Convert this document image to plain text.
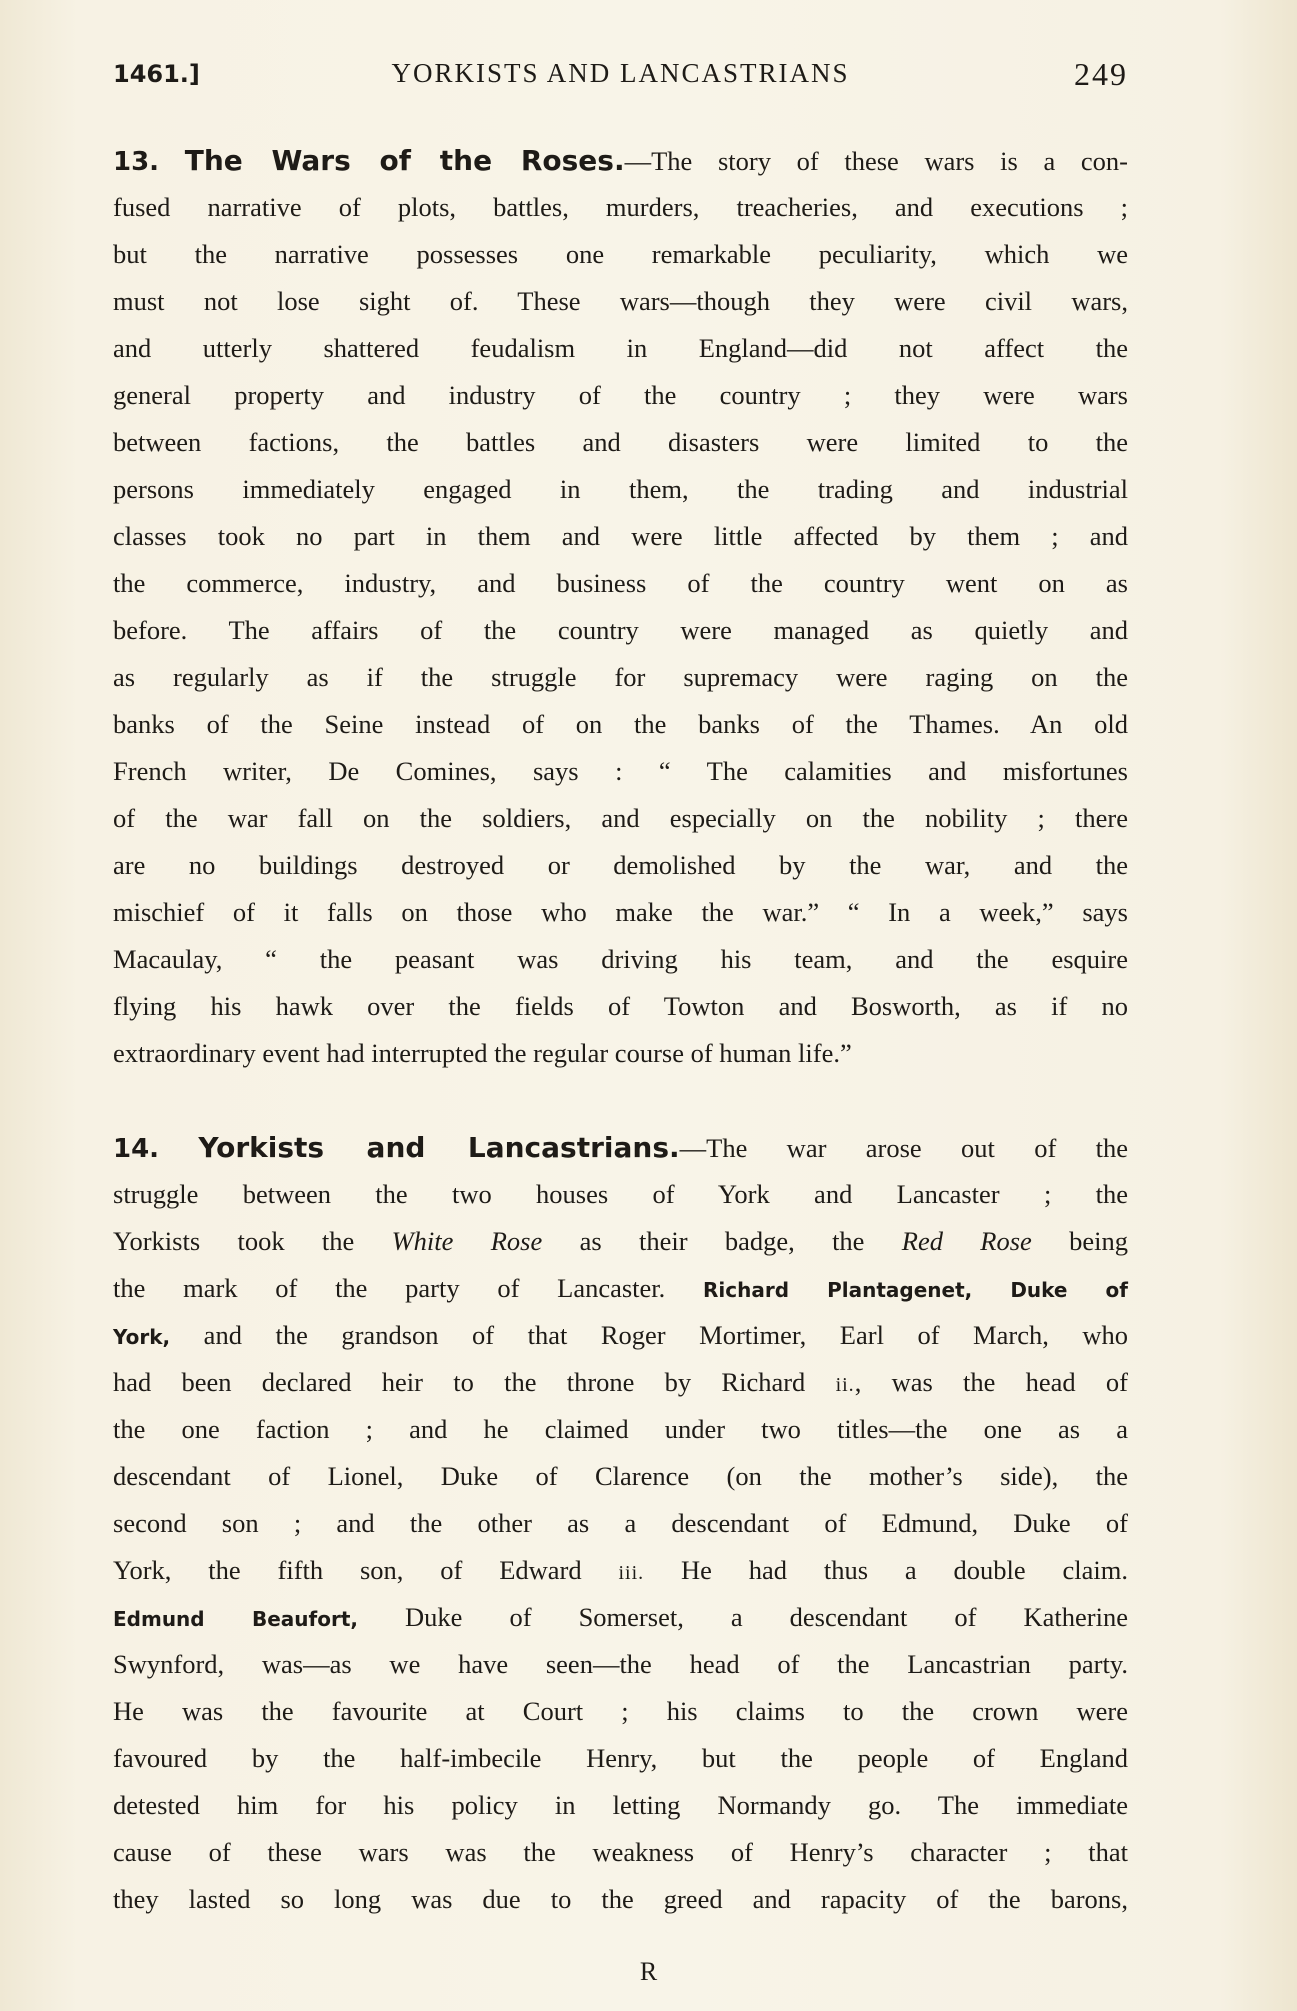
1461.]	YORKISTS AND LANCASTRIANS	249
13. The Wars of the Roses.—The story of these wars is a con-
fused narrative of plots, battles, murders, treacheries, and executions ;
but the narrative possesses one remarkable peculiarity, which we
must not lose sight of. These wars—though they were civil wars,
and utterly shattered feudalism in England—did not affect the
general property and industry of the country ; they were wars
between factions, the battles and disasters were limited to the
persons immediately engaged in them, the trading and industrial
classes took no part in them and were little affected by them ; and
the commerce, industry, and business of the country went on as
before. The affairs of the country were managed as quietly and
as regularly as if the struggle for supremacy were raging on the
banks of the Seine instead of on the banks of the Thames. An old
French writer, De Comines, says : “ The calamities and misfortunes
of the war fall on the soldiers, and especially on the nobility ; there
are no buildings destroyed or demolished by the war, and the
mischief of it falls on those who make the war.” “ In a week,” says
Macaulay, “ the peasant was driving his team, and the esquire
flying his hawk over the fields of Towton and Bosworth, as if no
extraordinary event had interrupted the regular course of human life.”
14. Yorkists and Lancastrians.—The war arose out of the
struggle between the two houses of York and Lancaster ; the
Yorkists took the White Rose as their badge, the Red Rose being
the mark of the party of Lancaster. Richard Plantagenet, Duke of
York, and the grandson of that Roger Mortimer, Earl of March, who
had been declared heir to the throne by Richard ii., was the head of
the one faction ; and he claimed under two titles—the one as a
descendant of Lionel, Duke of Clarence (on the mother’s side), the
second son ; and the other as a descendant of Edmund, Duke of
York, the fifth son, of Edward iii. He had thus a double claim.
Edmund Beaufort, Duke of Somerset, a descendant of Katherine
Swynford, was—as we have seen—the head of the Lancastrian party.
He was the favourite at Court ; his claims to the crown were
favoured by the half-imbecile Henry, but the people of England
detested him for his policy in letting Normandy go. The immediate
cause of these wars was the weakness of Henry’s character ; that
they lasted so long was due to the greed and rapacity of the barons,
R
